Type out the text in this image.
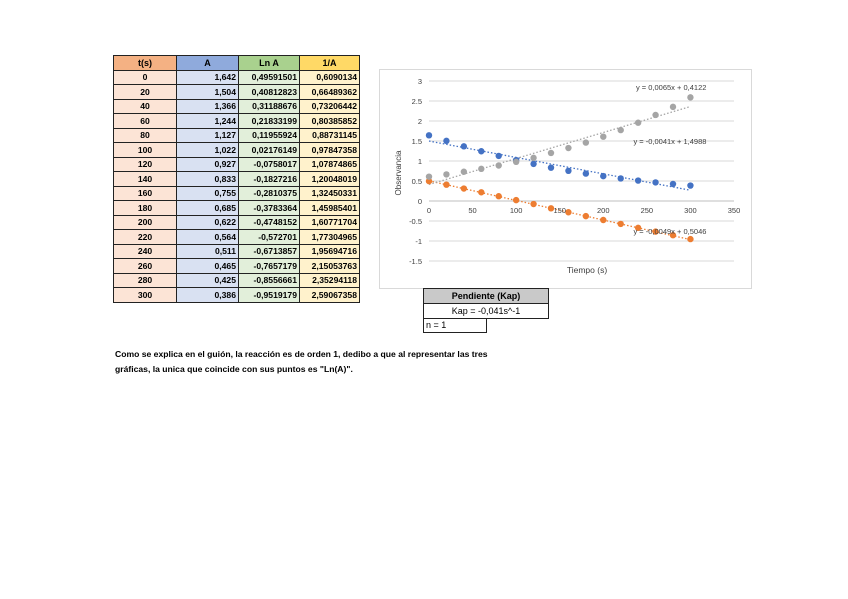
t(s)	A	Ln A	1/A
0	1,642	0,49591501	0,6090134
20	1,504	0,40812823	0,66489362
40	1,366	0,31188676	0,73206442
60	1,244	0,21833199	0,80385852
80	1,127	0,11955924	0,88731145
100	1,022	0,02176149	0,97847358
120	0,927	-0,0758017	1,07874865
140	0,833	-0,1827216	1,20048019
160	0,755	-0,2810375	1,32450331
180	0,685	-0,3783364	1,45985401
200	0,622	-0,4748152	1,60771704
220	0,564	-0,572701	1,77304965
240	0,511	-0,6713857	1,95694716
260	0,465	-0,7657179	2,15053763
280	0,425	-0,8556661	2,35294118
300	0,386	-0,9519179	2,59067358
-1.5
-1
-0.5
0
0.5
1
1.5
2
2.5
3
0	50	100	150	200	250	300	350
y = -0,0041x + 1,4988
y = -0,0049x + 0,5046
y = 0,0065x + 0,4122
Tiempo (s)
Observancia
Pendiente (Kap)
Kap = -0,041s^-1
n = 1

Como se explica en el guión, la reacción es de orden 1, dedibo a que al representar las tres

gráficas, la unica que coincide con sus puntos es "Ln(A)".
